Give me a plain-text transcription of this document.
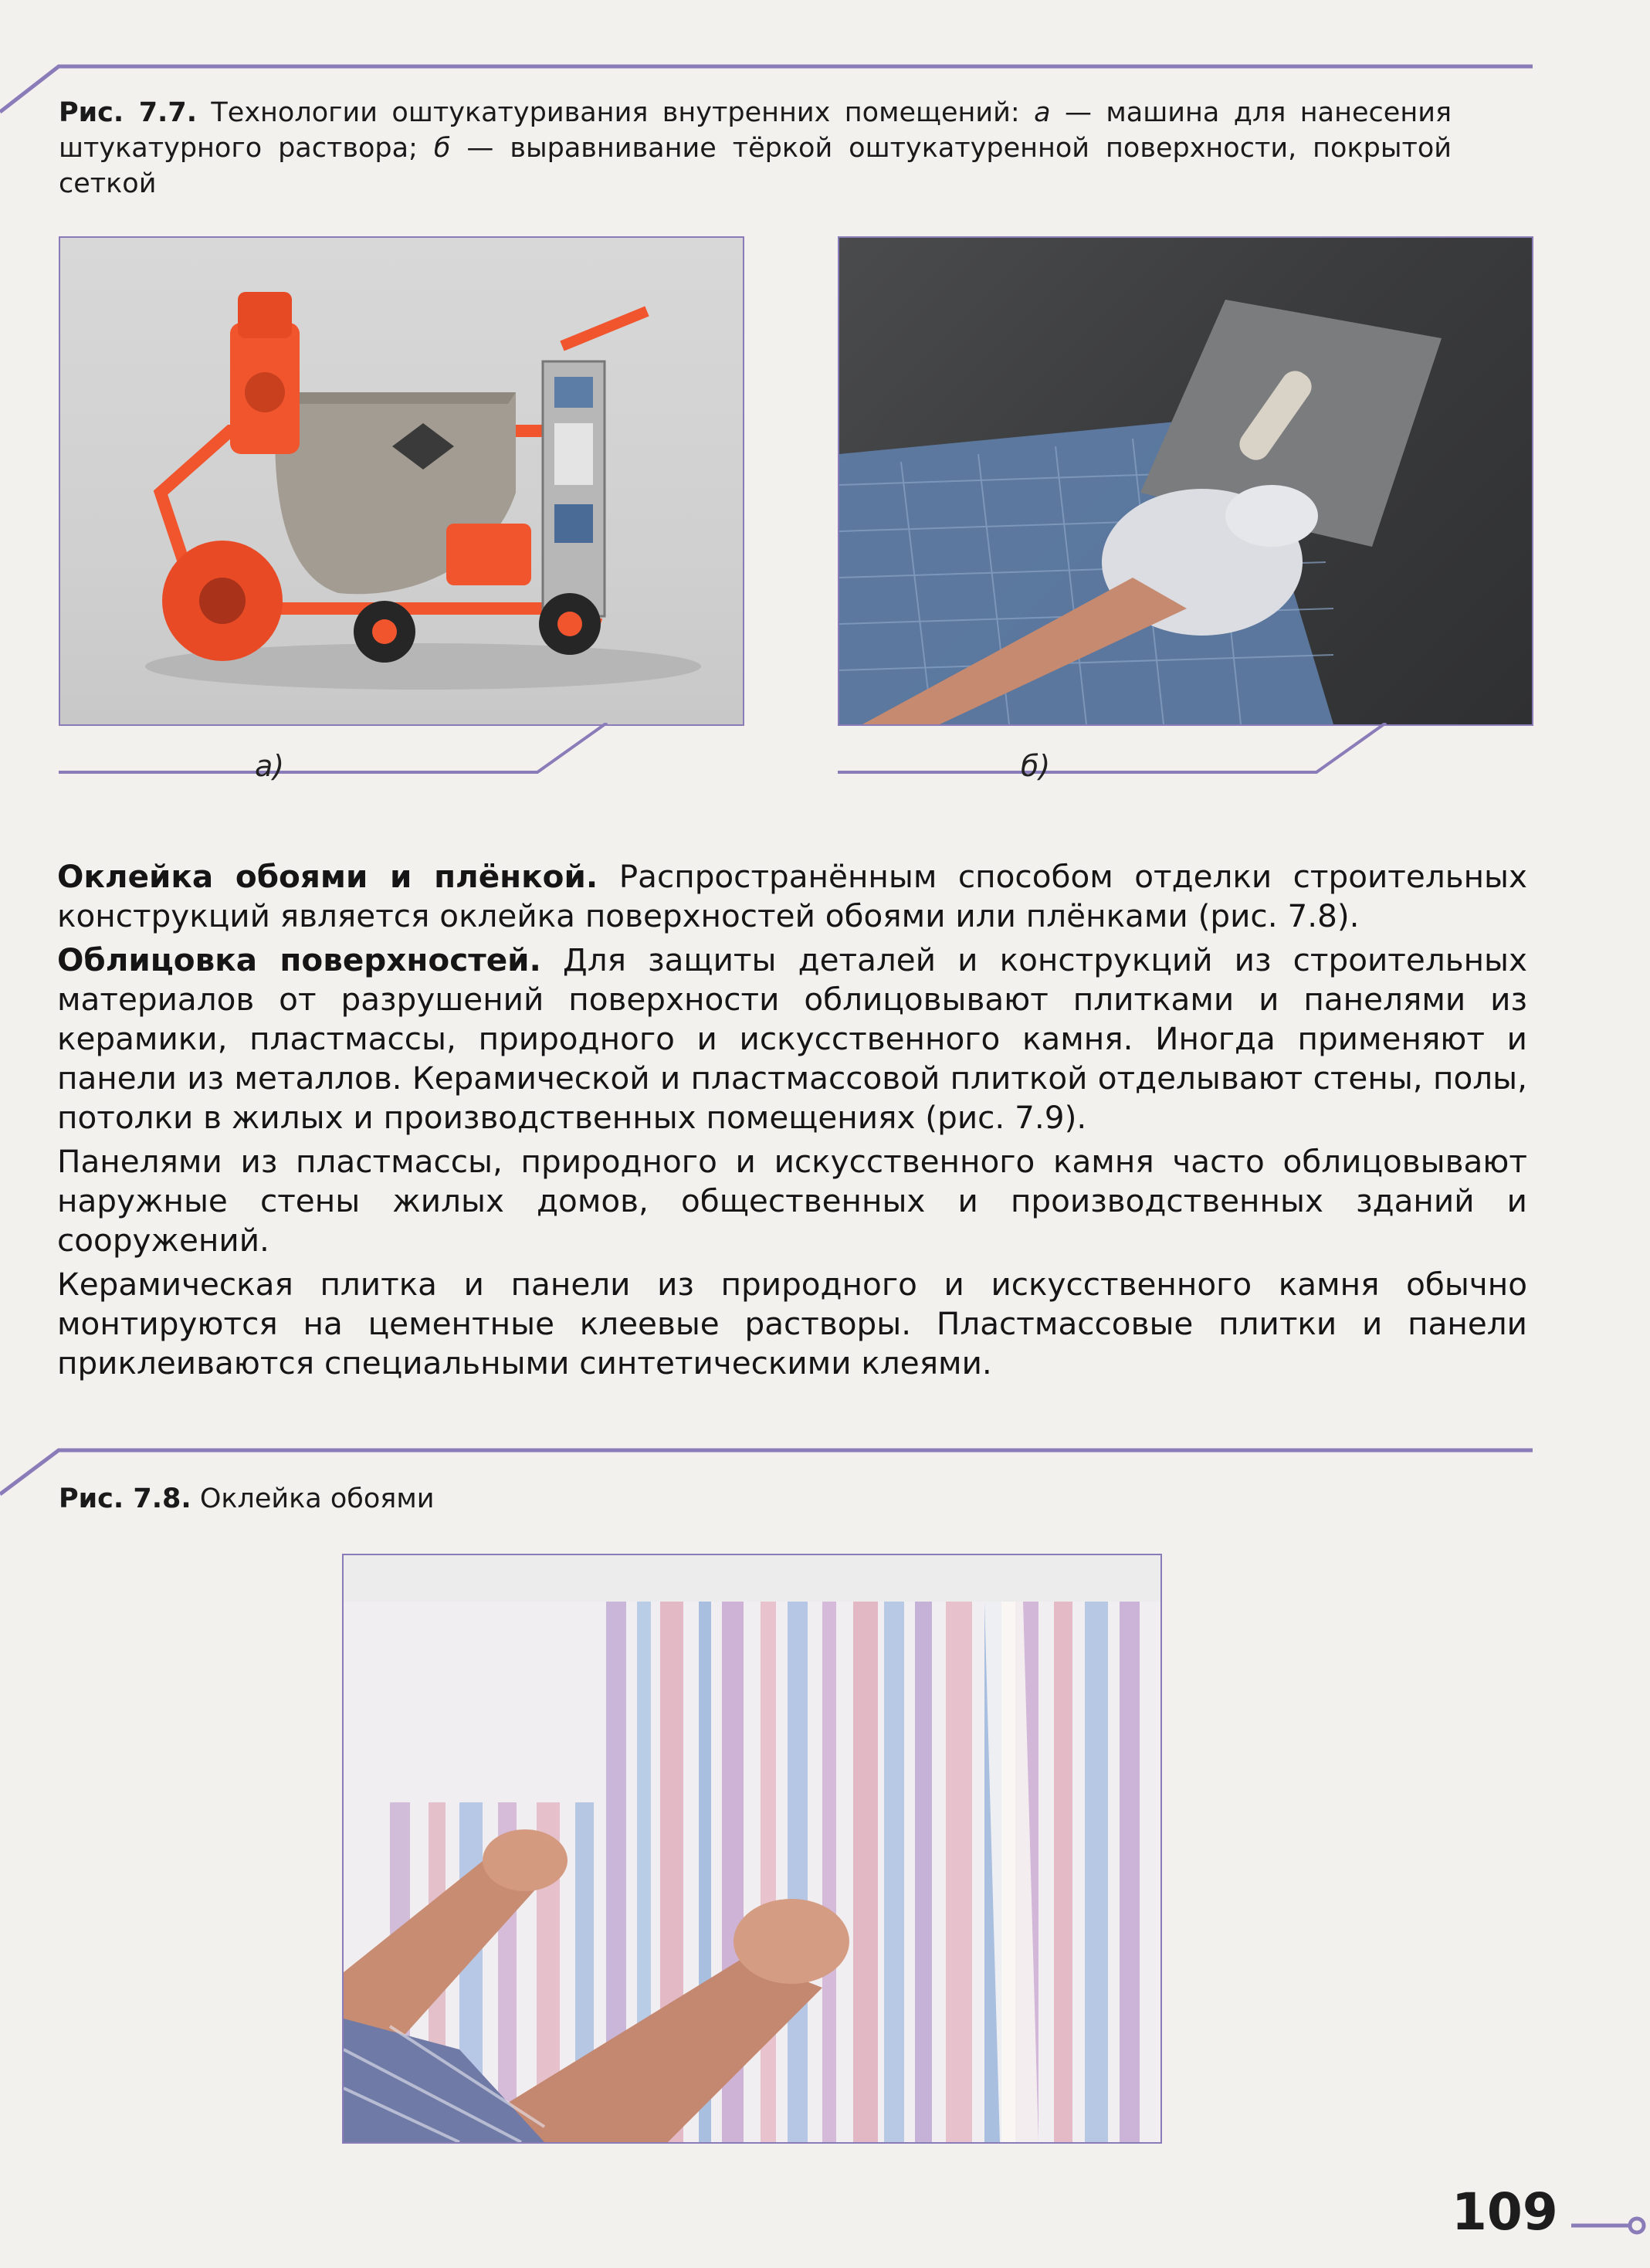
Рис. 7.7. Технологии оштукатуривания внутренних помещений: а — машина для нанесения штукатурного раствора; б — выравнивание тёркой оштукатуренной поверхности, покрытой сеткой
а)	б)

Оклейка обоями и плёнкой. Распространённым способом отделки строительных конструкций является оклейка поверхностей обоями или плёнками (рис. 7.8).

Облицовка поверхностей. Для защиты деталей и конструкций из строительных материалов от разрушений поверхности облицовывают плитками и панелями из керамики, пластмассы, природного и искусственного камня. Иногда применяют и панели из металлов. Керамической и пластмассовой плиткой отделывают стены, полы, потолки в жилых и производственных помещениях (рис. 7.9).

Панелями из пластмассы, природного и искусственного камня часто облицовывают наружные стены жилых домов, общественных и производственных зданий и сооружений.

Керамическая плитка и панели из природного и искусственного камня обычно монтируются на цементные клеевые растворы. Пластмассовые плитки и панели приклеиваются специальными синтетическими клеями.

Рис. 7.8. Оклейка обоями
109
